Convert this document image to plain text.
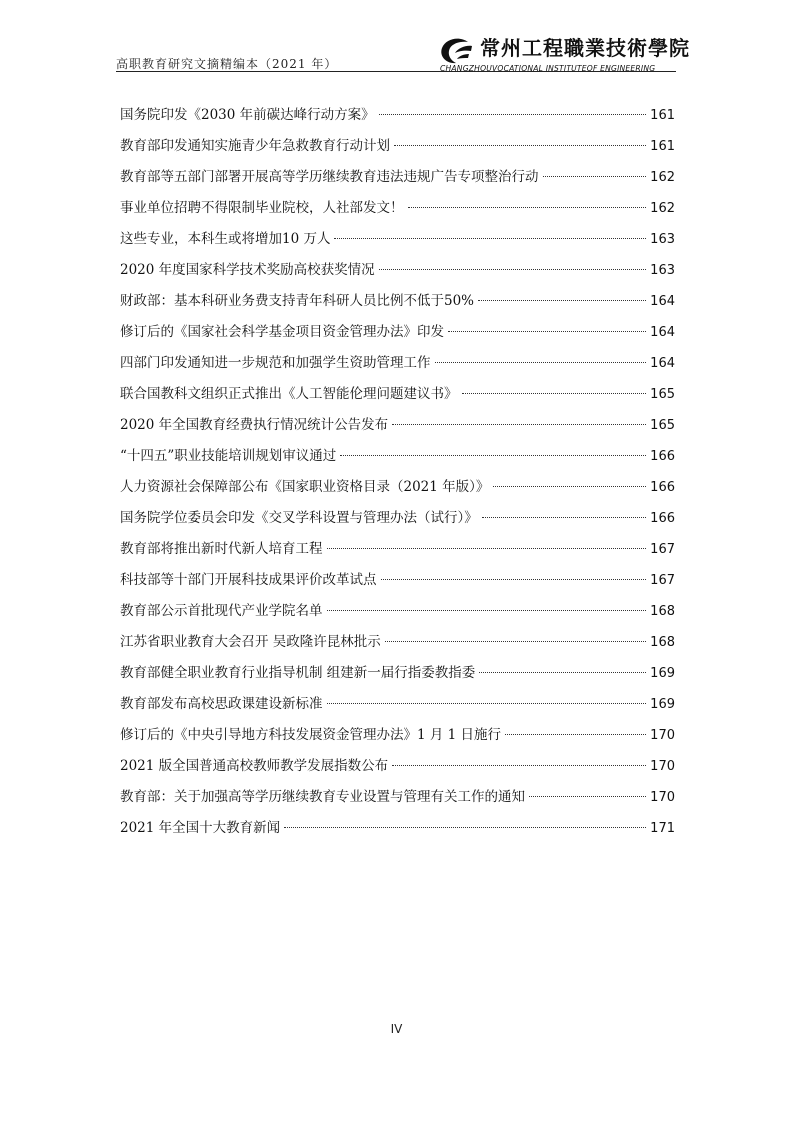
高职教育研究文摘精编本（2021 年）
常州工程職業技術學院
CHANGZHOUVOCATIONAL INSTITUTEOF ENGINEERING
国务院印发《2030 年前碳达峰行动方案》	161
教育部印发通知实施青少年急救教育行动计划	161
教育部等五部门部署开展高等学历继续教育违法违规广告专项整治行动	162
事业单位招聘不得限制毕业院校，人社部发文！	162
这些专业，本科生或将增加10 万人	163
2020 年度国家科学技术奖励高校获奖情况	163
财政部：基本科研业务费支持青年科研人员比例不低于50%	164
修订后的《国家社会科学基金项目资金管理办法》印发	164
四部门印发通知进一步规范和加强学生资助管理工作	164
联合国教科文组织正式推出《人工智能伦理问题建议书》	165
2020 年全国教育经费执行情况统计公告发布	165
“十四五”职业技能培训规划审议通过	166
人力资源社会保障部公布《国家职业资格目录（2021 年版）》	166
国务院学位委员会印发《交叉学科设置与管理办法（试行）》	166
教育部将推出新时代新人培育工程	167
科技部等十部门开展科技成果评价改革试点	167
教育部公示首批现代产业学院名单	168
江苏省职业教育大会召开 吴政隆许昆林批示	168
教育部健全职业教育行业指导机制 组建新一届行指委教指委	169
教育部发布高校思政课建设新标准	169
修订后的《中央引导地方科技发展资金管理办法》1 月 1 日施行	170
2021 版全国普通高校教师教学发展指数公布	170
教育部：关于加强高等学历继续教育专业设置与管理有关工作的通知	170
2021 年全国十大教育新闻	171
IV
